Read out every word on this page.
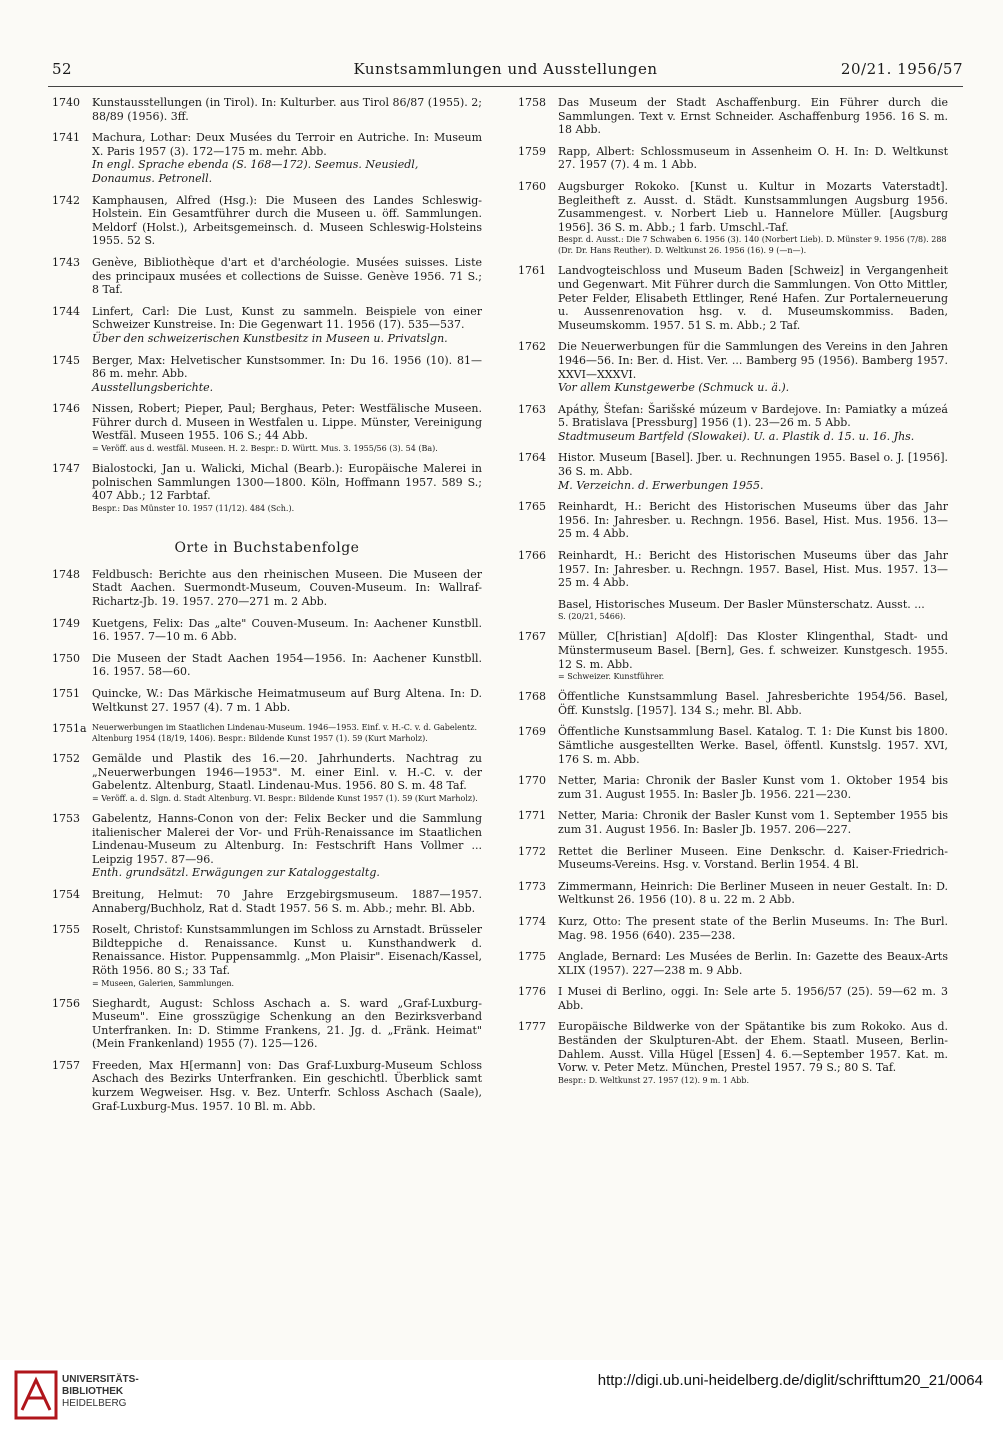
52	Kunstsammlungen und Ausstellungen	20/21. 1956/57
1740 Kunstausstellungen (in Tirol). In: Kulturber. aus Tirol 86/87 (1955). 2; 88/89 (1956). 3ff.
1741 Machura, Lothar: Deux Musées du Terroir en Autriche. In: Museum X. Paris 1957 (3). 172—175 m. mehr. Abb.
In engl. Sprache ebenda (S. 168—172). Seemus. Neusiedl, Donaumus. Petronell.
1742 Kamphausen, Alfred (Hsg.): Die Museen des Landes Schleswig-Holstein. Ein Gesamtführer durch die Museen u. öff. Sammlungen. Meldorf (Holst.), Arbeitsgemeinsch. d. Museen Schleswig-Holsteins 1955. 52 S.
1743 Genève, Bibliothèque d'art et d'archéologie. Musées suisses. Liste des principaux musées et collections de Suisse. Genève 1956. 71 S.; 8 Taf.
1744 Linfert, Carl: Die Lust, Kunst zu sammeln. Beispiele von einer Schweizer Kunstreise. In: Die Gegenwart 11. 1956 (17). 535—537.
Über den schweizerischen Kunstbesitz in Museen u. Privatslgn.
1745 Berger, Max: Helvetischer Kunstsommer. In: Du 16. 1956 (10). 81—86 m. mehr. Abb.
Ausstellungsberichte.
1746 Nissen, Robert; Pieper, Paul; Berghaus, Peter: Westfälische Museen. Führer durch d. Museen in Westfalen u. Lippe. Münster, Vereinigung Westfäl. Museen 1955. 106 S.; 44 Abb.
= Veröff. aus d. westfäl. Museen. H. 2. Bespr.: D. Württ. Mus. 3. 1955/56 (3). 54 (Ba).
1747 Bialostocki, Jan u. Walicki, Michal (Bearb.): Europäische Malerei in polnischen Sammlungen 1300—1800. Köln, Hoffmann 1957. 589 S.; 407 Abb.; 12 Farbtaf.
Bespr.: Das Münster 10. 1957 (11/12). 484 (Sch.).
Orte in Buchstabenfolge
1748 Feldbusch: Berichte aus den rheinischen Museen. Die Museen der Stadt Aachen. Suermondt-Museum, Couven-Museum. In: Wallraf-Richartz-Jb. 19. 1957. 270—271 m. 2 Abb.
1749 Kuetgens, Felix: Das „alte" Couven-Museum. In: Aachener Kunstbll. 16. 1957. 7—10 m. 6 Abb.
1750 Die Museen der Stadt Aachen 1954—1956. In: Aachener Kunstbll. 16. 1957. 58—60.
1751 Quincke, W.: Das Märkische Heimatmuseum auf Burg Altena. In: D. Weltkunst 27. 1957 (4). 7 m. 1 Abb.
1751a Neuerwerbungen im Staatlichen Lindenau-Museum. 1946—1953. Einf. v. H.-C. v. d. Gabelentz. Altenburg 1954 (18/19, 1406). Bespr.: Bildende Kunst 1957 (1). 59 (Kurt Marholz).
1752 Gemälde und Plastik des 16.—20. Jahrhunderts. Nachtrag zu „Neuerwerbungen 1946—1953". M. einer Einl. v. H.-C. v. der Gabelentz. Altenburg, Staatl. Lindenau-Mus. 1956. 80 S. m. 48 Taf.
= Veröff. a. d. Slgn. d. Stadt Altenburg. VI. Bespr.: Bildende Kunst 1957 (1). 59 (Kurt Marholz).
1753 Gabelentz, Hanns-Conon von der: Felix Becker und die Sammlung italienischer Malerei der Vor- und Früh-Renaissance im Staatlichen Lindenau-Museum zu Altenburg. In: Festschrift Hans Vollmer ... Leipzig 1957. 87—96.
Enth. grundsätzl. Erwägungen zur Kataloggestaltg.
1754 Breitung, Helmut: 70 Jahre Erzgebirgsmuseum. 1887—1957. Annaberg/Buchholz, Rat d. Stadt 1957. 56 S. m. Abb.; mehr. Bl. Abb.
1755 Roselt, Christof: Kunstsammlungen im Schloss zu Arnstadt. Brüsseler Bildteppiche d. Renaissance. Kunst u. Kunsthandwerk d. Renaissance. Histor. Puppensammlg. „Mon Plaisir". Eisenach/Kassel, Röth 1956. 80 S.; 33 Taf.
= Museen, Galerien, Sammlungen.
1756 Sieghardt, August: Schloss Aschach a. S. ward „Graf-Luxburg-Museum". Eine grosszügige Schenkung an den Bezirksverband Unterfranken. In: D. Stimme Frankens, 21. Jg. d. „Fränk. Heimat" (Mein Frankenland) 1955 (7). 125—126.
1757 Freeden, Max H[ermann] von: Das Graf-Luxburg-Museum Schloss Aschach des Bezirks Unterfranken. Ein geschichtl. Überblick samt kurzem Wegweiser. Hsg. v. Bez. Unterfr. Schloss Aschach (Saale), Graf-Luxburg-Mus. 1957. 10 Bl. m. Abb.
1758 Das Museum der Stadt Aschaffenburg. Ein Führer durch die Sammlungen. Text v. Ernst Schneider. Aschaffenburg 1956. 16 S. m. 18 Abb.
1759 Rapp, Albert: Schlossmuseum in Assenheim O. H. In: D. Weltkunst 27. 1957 (7). 4 m. 1 Abb.
1760 Augsburger Rokoko. [Kunst u. Kultur in Mozarts Vaterstadt]. Begleitheft z. Ausst. d. Städt. Kunstsammlungen Augsburg 1956. Zusammengest. v. Norbert Lieb u. Hannelore Müller. [Augsburg 1956]. 36 S. m. Abb.; 1 farb. Umschl.-Taf.
Bespr. d. Ausst.: Die 7 Schwaben 6. 1956 (3). 140 (Norbert Lieb). D. Münster 9. 1956 (7/8). 288 (Dr. Dr. Hans Reuther). D. Weltkunst 26. 1956 (16). 9 (—n—).
1761 Landvogteischloss und Museum Baden [Schweiz] in Vergangenheit und Gegenwart. Mit Führer durch die Sammlungen. Von Otto Mittler, Peter Felder, Elisabeth Ettlinger, René Hafen. Zur Portalerneuerung u. Aussenrenovation hsg. v. d. Museumskommiss. Baden, Museumskomm. 1957. 51 S. m. Abb.; 2 Taf.
1762 Die Neuerwerbungen für die Sammlungen des Vereins in den Jahren 1946—56. In: Ber. d. Hist. Ver. ... Bamberg 95 (1956). Bamberg 1957. XXVI—XXXVI.
Vor allem Kunstgewerbe (Schmuck u. ä.).
1763 Apáthy, Štefan: Šarišské múzeum v Bardejove. In: Pamiatky a múzeá 5. Bratislava [Pressburg] 1956 (1). 23—26 m. 5 Abb.
Stadtmuseum Bartfeld (Slowakei). U. a. Plastik d. 15. u. 16. Jhs.
1764 Histor. Museum [Basel]. Jber. u. Rechnungen 1955. Basel o. J. [1956]. 36 S. m. Abb.
M. Verzeichn. d. Erwerbungen 1955.
1765 Reinhardt, H.: Bericht des Historischen Museums über das Jahr 1956. In: Jahresber. u. Rechngn. 1956. Basel, Hist. Mus. 1956. 13—25 m. 4 Abb.
1766 Reinhardt, H.: Bericht des Historischen Museums über das Jahr 1957. In: Jahresber. u. Rechngn. 1957. Basel, Hist. Mus. 1957. 13—25 m. 4 Abb.
Basel, Historisches Museum. Der Basler Münsterschatz. Ausst. ...
S. (20/21, 5466).
1767 Müller, C[hristian] A[dolf]: Das Kloster Klingenthal, Stadt- und Münstermuseum Basel. [Bern], Ges. f. schweizer. Kunstgesch. 1955. 12 S. m. Abb.
= Schweizer. Kunstführer.
1768 Öffentliche Kunstsammlung Basel. Jahresberichte 1954/56. Basel, Öff. Kunstslg. [1957]. 134 S.; mehr. Bl. Abb.
1769 Öffentliche Kunstsammlung Basel. Katalog. T. 1: Die Kunst bis 1800. Sämtliche ausgestellten Werke. Basel, öffentl. Kunstslg. 1957. XVI, 176 S. m. Abb.
1770 Netter, Maria: Chronik der Basler Kunst vom 1. Oktober 1954 bis zum 31. August 1955. In: Basler Jb. 1956. 221—230.
1771 Netter, Maria: Chronik der Basler Kunst vom 1. September 1955 bis zum 31. August 1956. In: Basler Jb. 1957. 206—227.
1772 Rettet die Berliner Museen. Eine Denkschr. d. Kaiser-Friedrich-Museums-Vereins. Hsg. v. Vorstand. Berlin 1954. 4 Bl.
1773 Zimmermann, Heinrich: Die Berliner Museen in neuer Gestalt. In: D. Weltkunst 26. 1956 (10). 8 u. 22 m. 2 Abb.
1774 Kurz, Otto: The present state of the Berlin Museums. In: The Burl. Mag. 98. 1956 (640). 235—238.
1775 Anglade, Bernard: Les Musées de Berlin. In: Gazette des Beaux-Arts XLIX (1957). 227—238 m. 9 Abb.
1776 I Musei di Berlino, oggi. In: Sele arte 5. 1956/57 (25). 59—62 m. 3 Abb.
1777 Europäische Bildwerke von der Spätantike bis zum Rokoko. Aus d. Beständen der Skulpturen-Abt. der Ehem. Staatl. Museen, Berlin-Dahlem. Ausst. Villa Hügel [Essen] 4. 6.—September 1957. Kat. m. Vorw. v. Peter Metz. München, Prestel 1957. 79 S.; 80 S. Taf.
Bespr.: D. Weltkunst 27. 1957 (12). 9 m. 1 Abb.
UNIVERSITÄTS-
BIBLIOTHEK
HEIDELBERG
http://digi.ub.uni-heidelberg.de/diglit/schrifttum20_21/0064
